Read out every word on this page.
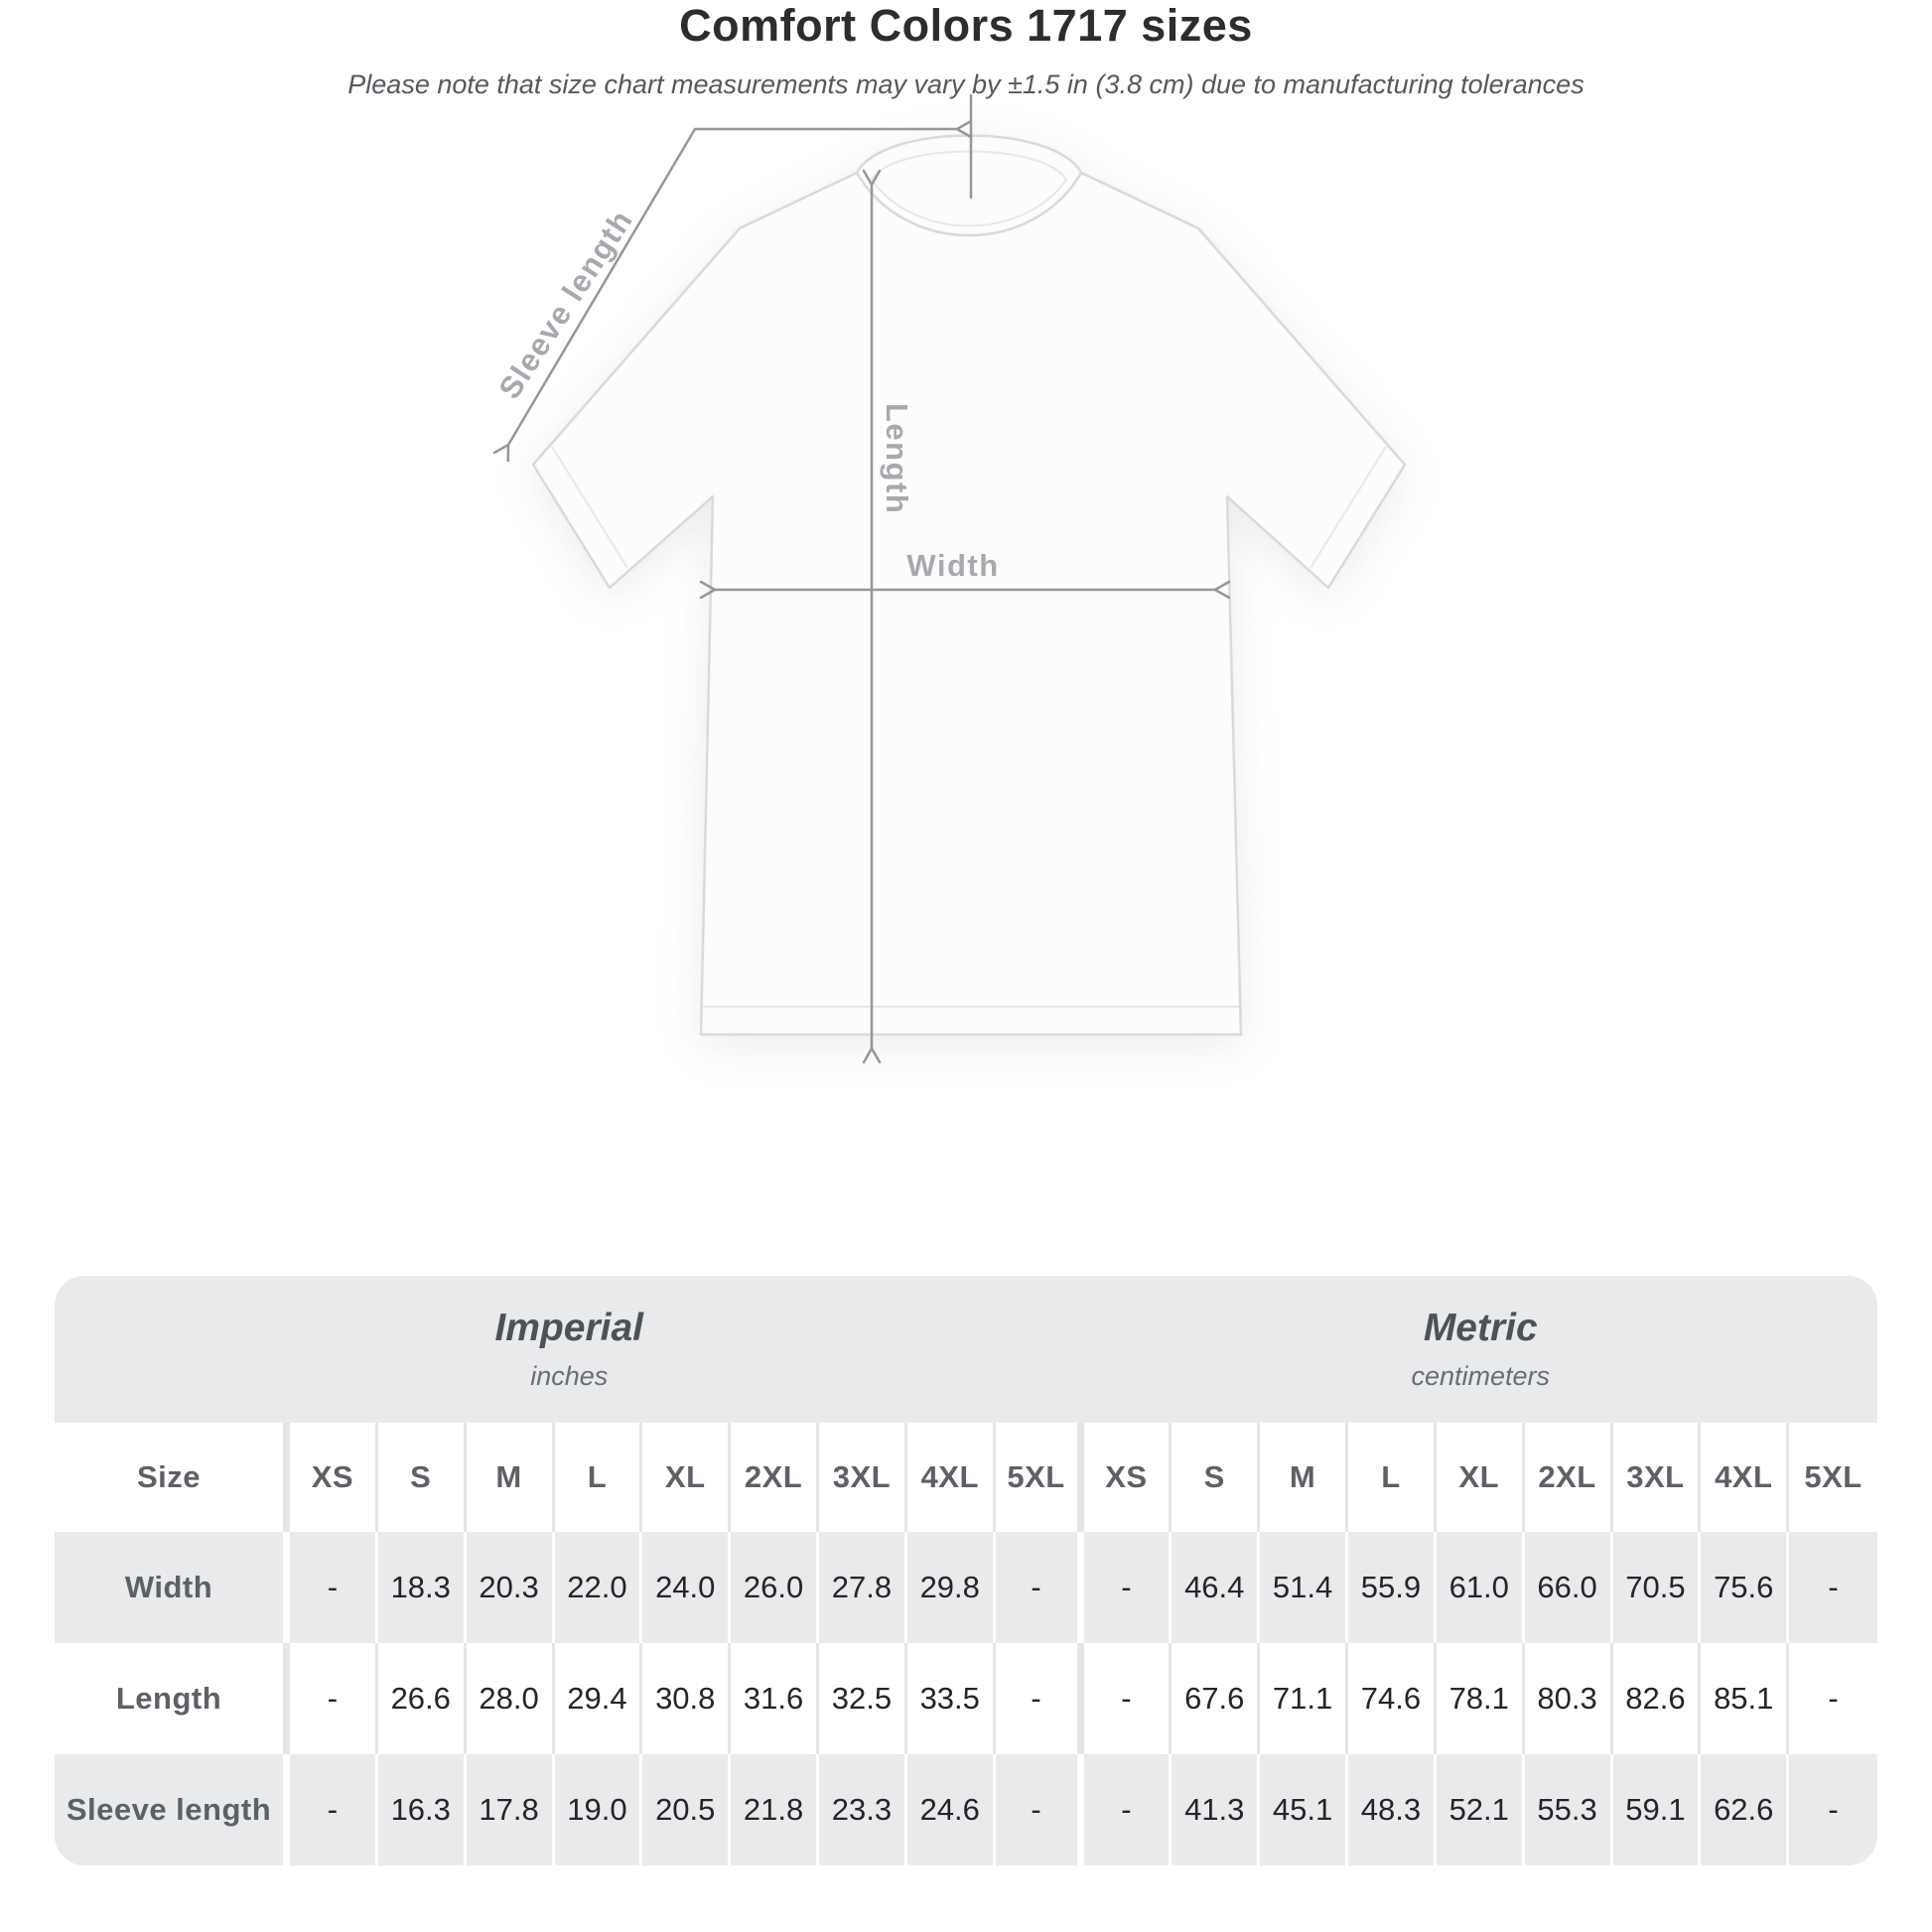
Sleeve length
Length
Width
Comfort Colors 1717 sizes

Please note that size chart measurements may vary by ±1.5 in (3.8 cm) due to manufacturing tolerances

Imperial
inches
Metric
centimeters
Size	XS	S	M	L	XL	2XL 3XL 4XL 5XL	XS	S	M	L	XL	2XL 3XL 4XL	5XL
Width	-	18.3 20.3 22.0 24.0 26.0 27.8 29.8	-	-	46.4 51.4 55.9 61.0 66.0 70.5 75.6	-
Length	-	26.6 28.0 29.4 30.8 31.6 32.5 33.5	-	-	67.6 71.1 74.6 78.1 80.3 82.6 85.1	-
Sleeve length	-	16.3 17.8 19.0 20.5 21.8 23.3 24.6	-	-	41.3 45.1 48.3 52.1 55.3 59.1 62.6	-
